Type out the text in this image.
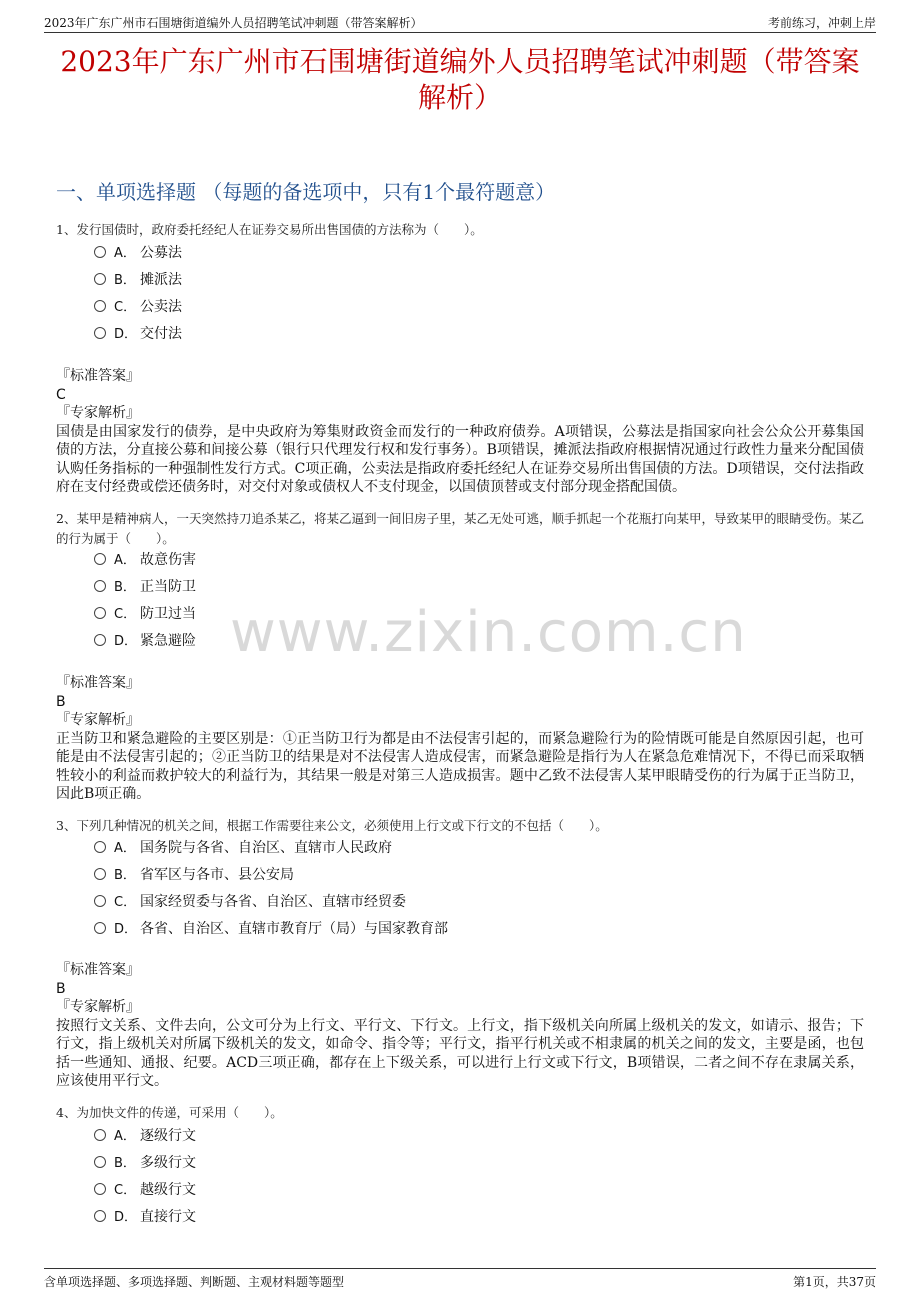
2023年广东广州市石围塘街道编外人员招聘笔试冲刺题（带答案解析）	考前练习，冲刺上岸
2023年广东广州市石围塘街道编外人员招聘笔试冲刺题（带答案解析）
一、单项选择题 （每题的备选项中，只有1个最符题意）
www.zixin.com.cn
1、发行国债时，政府委托经纪人在证券交易所出售国债的方法称为（　　）。
A． 公募法
B． 摊派法
C． 公卖法
D． 交付法
『标准答案』
C
『专家解析』
国债是由国家发行的债券，是中央政府为筹集财政资金而发行的一种政府债券。A项错误，公募法是指国家向社会公众公开募集国债的方法，分直接公募和间接公募（银行只代理发行权和发行事务）。B项错误，摊派法指政府根据情况通过行政性力量来分配国债认购任务指标的一种强制性发行方式。C项正确，公卖法是指政府委托经纪人在证券交易所出售国债的方法。D项错误，交付法指政府在支付经费或偿还债务时，对交付对象或债权人不支付现金，以国债顶替或支付部分现金搭配国债。
2、某甲是精神病人，一天突然持刀追杀某乙，将某乙逼到一间旧房子里，某乙无处可逃，顺手抓起一个花瓶打向某甲，导致某甲的眼睛受伤。某乙的行为属于（　　）。
A． 故意伤害
B． 正当防卫
C． 防卫过当
D． 紧急避险
『标准答案』
B
『专家解析』
正当防卫和紧急避险的主要区别是：①正当防卫行为都是由不法侵害引起的，而紧急避险行为的险情既可能是自然原因引起，也可能是由不法侵害引起的；②正当防卫的结果是对不法侵害人造成侵害，而紧急避险是指行为人在紧急危难情况下，不得已而采取牺牲较小的利益而救护较大的利益行为，其结果一般是对第三人造成损害。题中乙致不法侵害人某甲眼睛受伤的行为属于正当防卫，因此B项正确。
3、下列几种情况的机关之间，根据工作需要往来公文，必须使用上行文或下行文的不包括（　　）。
A． 国务院与各省、自治区、直辖市人民政府
B． 省军区与各市、县公安局
C． 国家经贸委与各省、自治区、直辖市经贸委
D． 各省、自治区、直辖市教育厅（局）与国家教育部
『标准答案』
B
『专家解析』
按照行文关系、文件去向，公文可分为上行文、平行文、下行文。上行文，指下级机关向所属上级机关的发文，如请示、报告；下行文，指上级机关对所属下级机关的发文，如命令、指令等；平行文，指平行机关或不相隶属的机关之间的发文，主要是函，也包括一些通知、通报、纪要。ACD三项正确，都存在上下级关系，可以进行上行文或下行文，B项错误，二者之间不存在隶属关系，应该使用平行文。
4、为加快文件的传递，可采用（　　）。
A． 逐级行文
B． 多级行文
C． 越级行文
D． 直接行文
含单项选择题、多项选择题、判断题、主观材料题等题型	第1页，共37页
